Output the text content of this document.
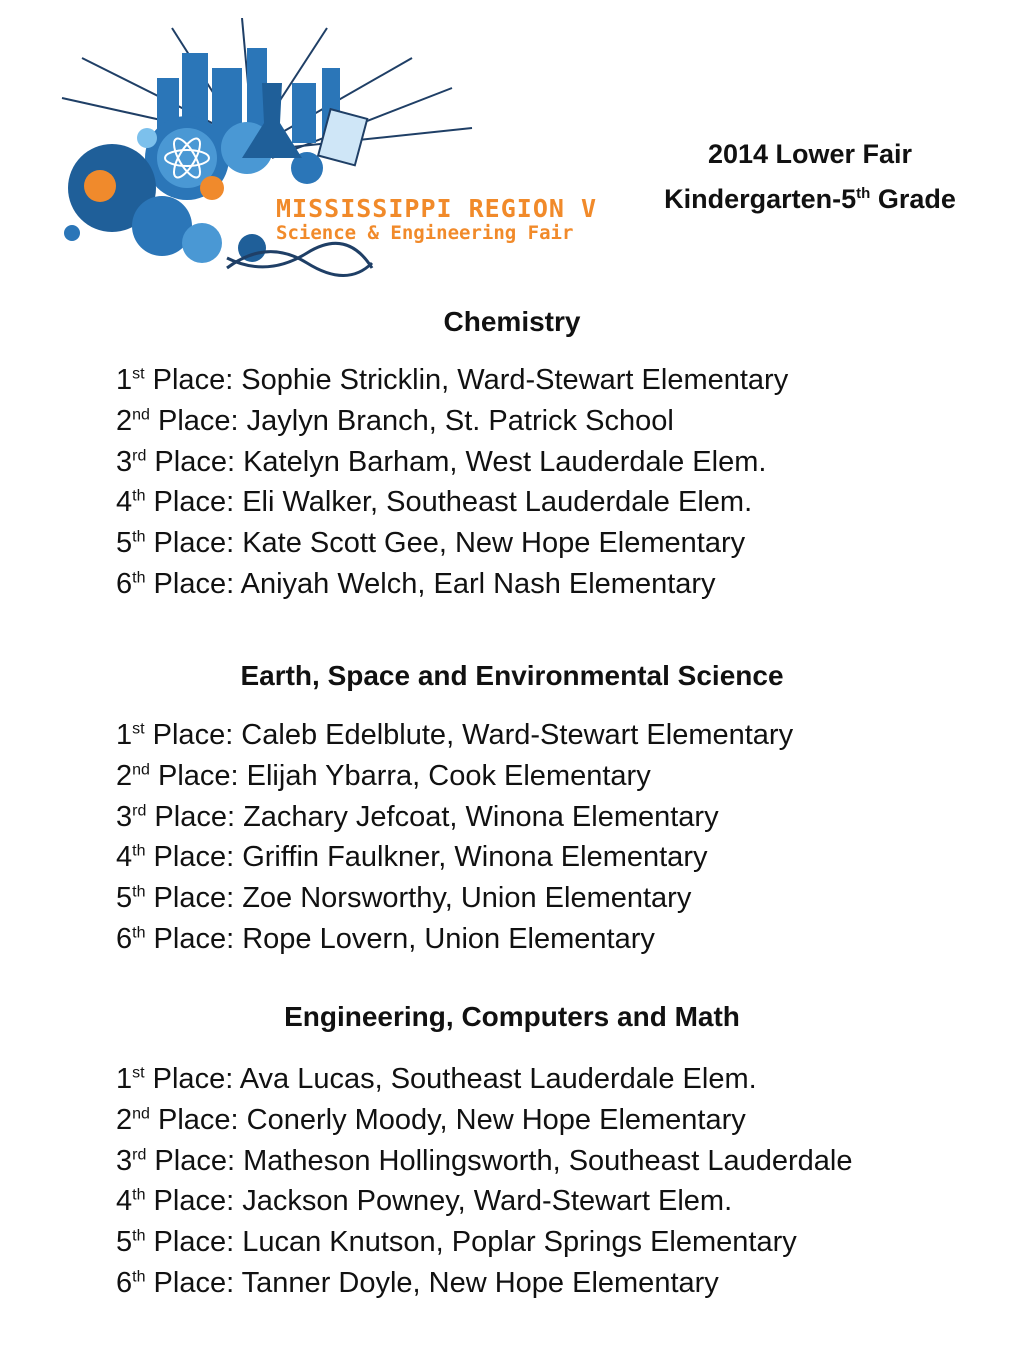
MISSISSIPPI REGION V
Science & Engineering Fair
2014 Lower Fair
Kindergarten-5th Grade
Chemistry
1st Place: Sophie Stricklin, Ward-Stewart Elementary
2nd Place: Jaylyn Branch, St. Patrick School
3rd Place: Katelyn Barham, West Lauderdale Elem.
4th Place: Eli Walker, Southeast Lauderdale Elem.
5th Place: Kate Scott Gee, New Hope Elementary
6th Place: Aniyah Welch, Earl Nash Elementary
Earth, Space and Environmental Science
1st Place: Caleb Edelblute, Ward-Stewart Elementary
2nd Place: Elijah Ybarra, Cook Elementary
3rd Place: Zachary Jefcoat, Winona Elementary
4th Place: Griffin Faulkner, Winona Elementary
5th Place: Zoe Norsworthy, Union Elementary
6th Place: Rope Lovern, Union Elementary
Engineering, Computers and Math
1st Place: Ava Lucas, Southeast Lauderdale Elem.
2nd Place: Conerly Moody, New Hope Elementary
3rd Place: Matheson Hollingsworth, Southeast Lauderdale
4th Place: Jackson Powney, Ward-Stewart Elem.
5th Place: Lucan Knutson, Poplar Springs Elementary
6th Place: Tanner Doyle, New Hope Elementary
